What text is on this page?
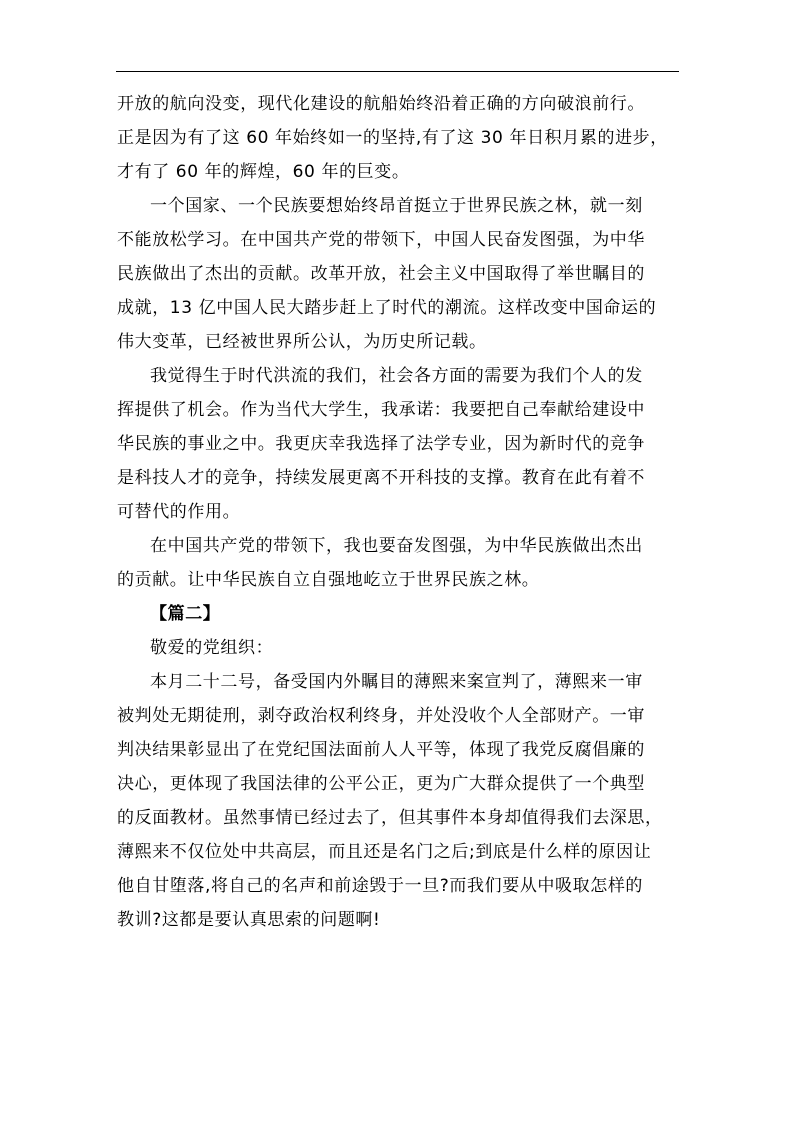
开放的航向没变，现代化建设的航船始终沿着正确的方向破浪前行。
正是因为有了这 60 年始终如一的坚持,有了这 30 年日积月累的进步，
才有了 60 年的辉煌，60 年的巨变。
一个国家、一个民族要想始终昂首挺立于世界民族之林，就一刻
不能放松学习。在中国共产党的带领下，中国人民奋发图强，为中华
民族做出了杰出的贡献。改革开放，社会主义中国取得了举世瞩目的
成就，13 亿中国人民大踏步赶上了时代的潮流。这样改变中国命运的
伟大变革，已经被世界所公认，为历史所记载。
我觉得生于时代洪流的我们，社会各方面的需要为我们个人的发
挥提供了机会。作为当代大学生，我承诺：我要把自己奉献给建设中
华民族的事业之中。我更庆幸我选择了法学专业，因为新时代的竞争
是科技人才的竞争，持续发展更离不开科技的支撑。教育在此有着不
可替代的作用。
在中国共产党的带领下，我也要奋发图强，为中华民族做出杰出
的贡献。让中华民族自立自强地屹立于世界民族之林。
【篇二】
敬爱的党组织：
本月二十二号，备受国内外瞩目的薄熙来案宣判了，薄熙来一审
被判处无期徒刑，剥夺政治权利终身，并处没收个人全部财产。一审
判决结果彰显出了在党纪国法面前人人平等，体现了我党反腐倡廉的
决心，更体现了我国法律的公平公正，更为广大群众提供了一个典型
的反面教材。虽然事情已经过去了，但其事件本身却值得我们去深思，
薄熙来不仅位处中共高层，而且还是名门之后;到底是什么样的原因让
他自甘堕落,将自己的名声和前途毁于一旦?而我们要从中吸取怎样的
教训?这都是要认真思索的问题啊!
